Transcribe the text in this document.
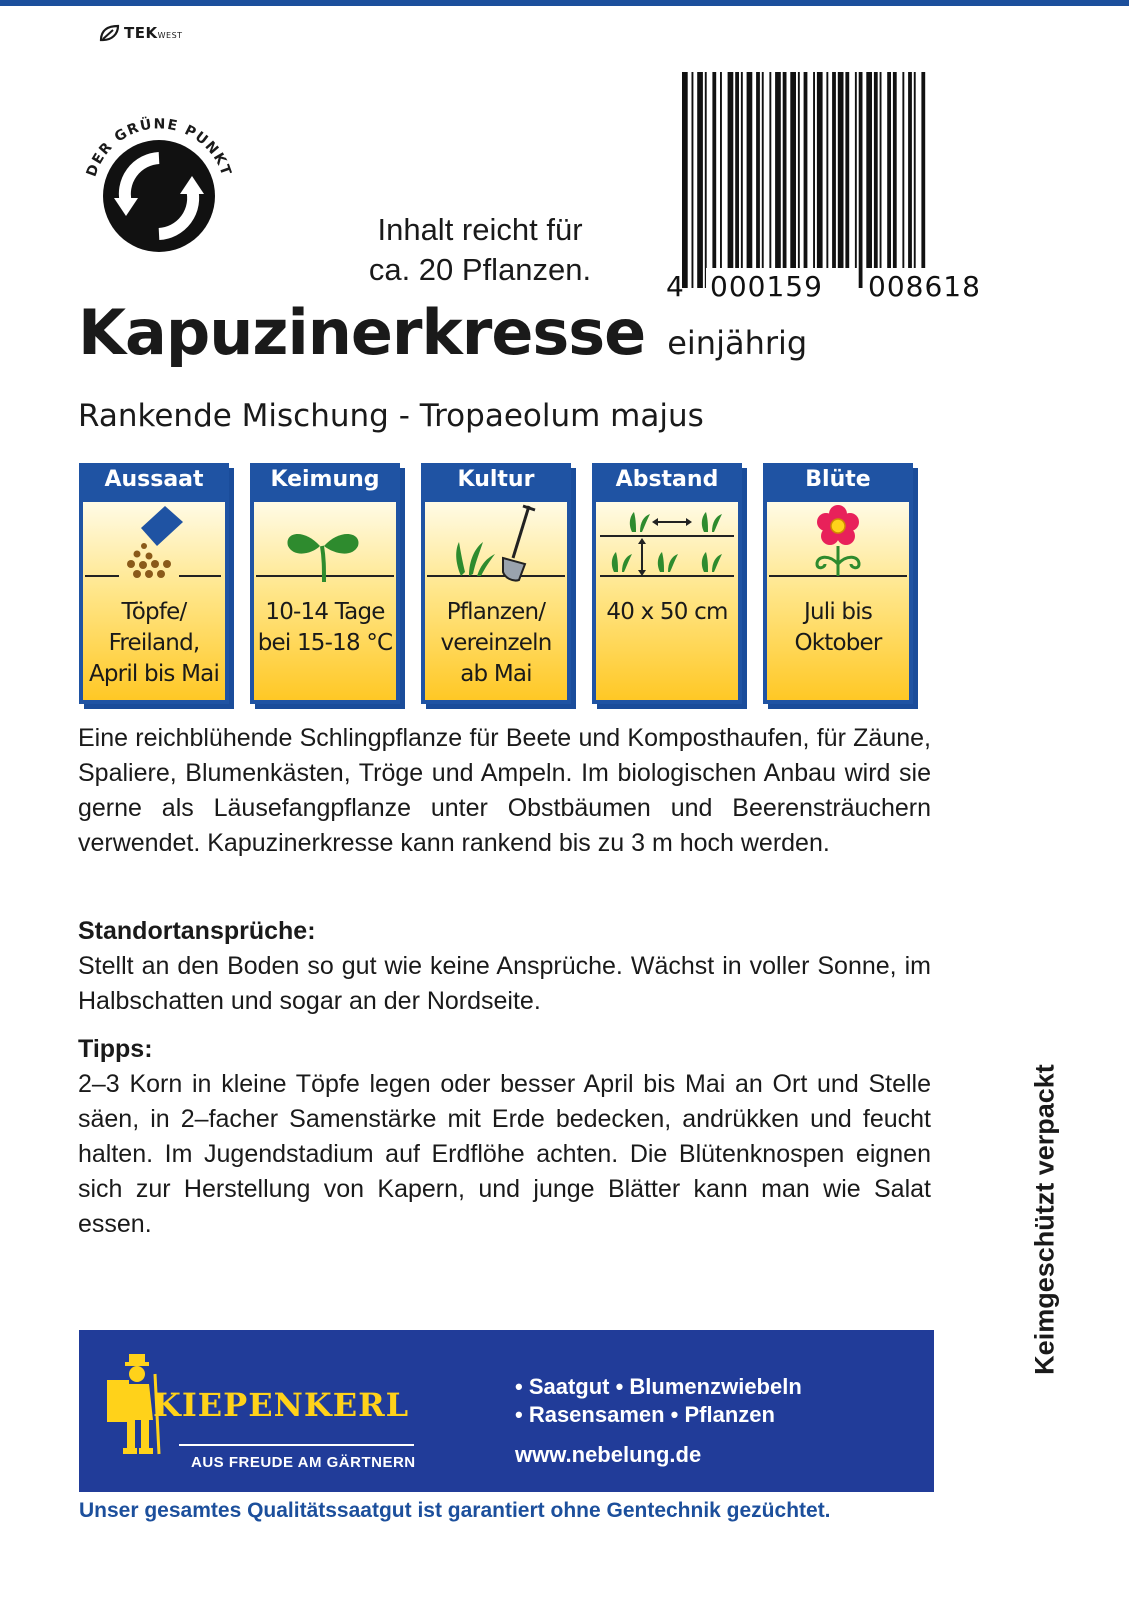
TEKWEST
DER GRÜNE PUNKT
Inhalt reicht für
ca. 20 Pflanzen.	4 000159 008618
Kapuzinerkresse einjährig
Rankende Mischung - Tropaeolum majus
Aussaat
Töpfe/
Freiland,
April bis Mai
Keimung
10-14 Tage
bei 15-18 °C
Kultur
Pflanzen/
vereinzeln
ab Mai
Abstand
40 x 50 cm
Blüte
Juli bis
Oktober

Eine reichblühende Schlingpflanze für Beete und Komposthaufen, für Zäune, Spaliere, Blumenkästen, Tröge und Ampeln. Im biologischen Anbau wird sie gerne als Läusefangpflanze unter Obstbäumen und Beerensträuchern verwendet. Kapuzinerkresse kann rankend bis zu 3 m hoch werden.

Standortansprüche:

Stellt an den Boden so gut wie keine Ansprüche. Wächst in voller Sonne, im Halbschatten und sogar an der Nordseite.

Tipps:

2–3 Korn in kleine Töpfe legen oder besser April bis Mai an Ort und Stelle säen, in 2–facher Samenstärke mit Erde bedecken, andrükken und feucht halten. Im Jugendstadium auf Erdflöhe achten. Die Blütenknospen eignen sich zur Herstellung von Kapern, und junge Blätter kann man wie Salat essen.	Keimgeschützt verpackt
KIEPENKERL
AUS FREUDE AM GÄRTNERN
• Saatgut • Blumenzwiebeln
• Rasensamen • Pflanzen
www.nebelung.de
Unser gesamtes Qualitätssaatgut ist garantiert ohne Gentechnik gezüchtet.
